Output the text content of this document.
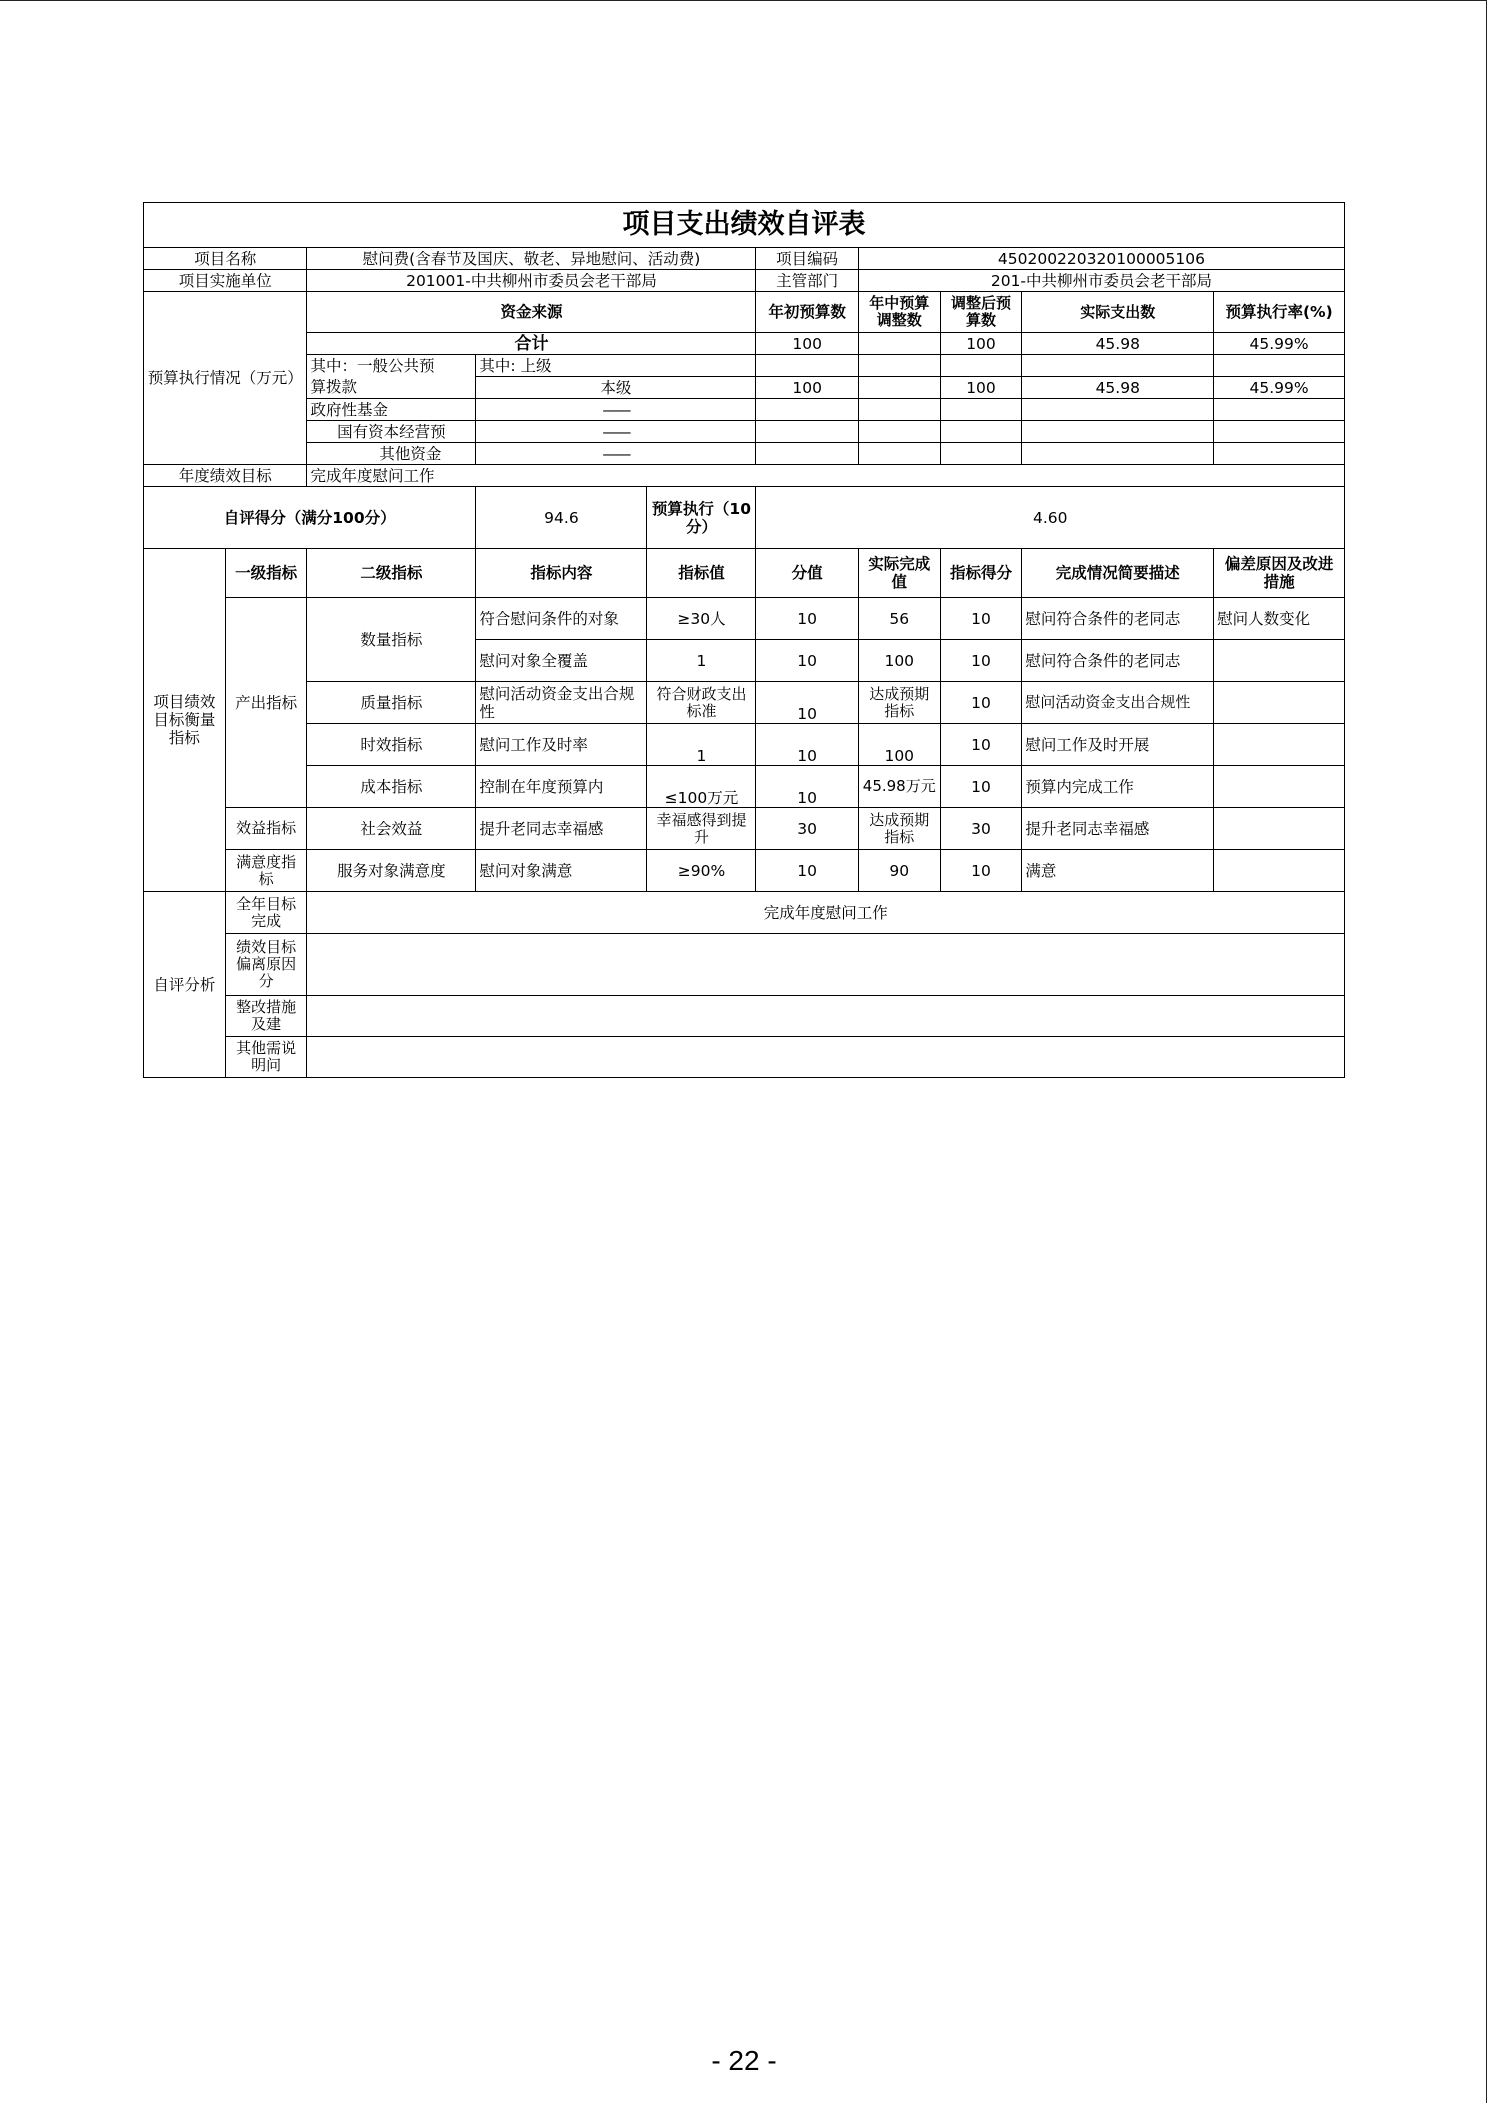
项目支出绩效自评表									
项目名称		慰问费(含春节及国庆、敬老、异地慰问、活动费)			项目编码	450200220320100005106			
项目实施单位		201001-中共柳州市委员会老干部局			主管部门	201-中共柳州市委员会老干部局			
预算执行情况（万元）		资金来源			年初预算数	年中预算调整数	调整后预算数	实际支出数	预算执行率(%)
		合计			100		100	45.98	45.99%
		其中：一般公共预	其中: 上级						
		算拨款	本级		100		100	45.98	45.99%
		政府性基金	——						
		国有资本经营预	——						
		其他资金	——						
年度绩效目标		完成年度慰问工作							
自评得分（满分100分）			94.6	预算执行（10分）	4.60				
项目绩效目标衡量指标	一级指标	二级指标	指标内容	指标值	分值	实际完成值	指标得分	完成情况简要描述	偏差原因及改进措施
	产出指标	数量指标	符合慰问条件的对象	≥30人	10	56	10	慰问符合条件的老同志	慰问人数变化
			慰问对象全覆盖	1	10	100	10	慰问符合条件的老同志	
		质量指标	慰问活动资金支出合规性	符合财政支出标准	10	达成预期指标	10	慰问活动资金支出合规性	
		时效指标	慰问工作及时率	1	10	100	10	慰问工作及时开展	
		成本指标	控制在年度预算内	≤100万元	10	45.98万元	10	预算内完成工作	
	效益指标	社会效益	提升老同志幸福感	幸福感得到提升	30	达成预期指标	30	提升老同志幸福感	
	满意度指标	服务对象满意度	慰问对象满意	≥90%	10	90	10	满意	
自评分析	全年目标完成	完成年度慰问工作							
	绩效目标偏离原因分								
	整改措施及建								
	其他需说明问								
- 22 -
